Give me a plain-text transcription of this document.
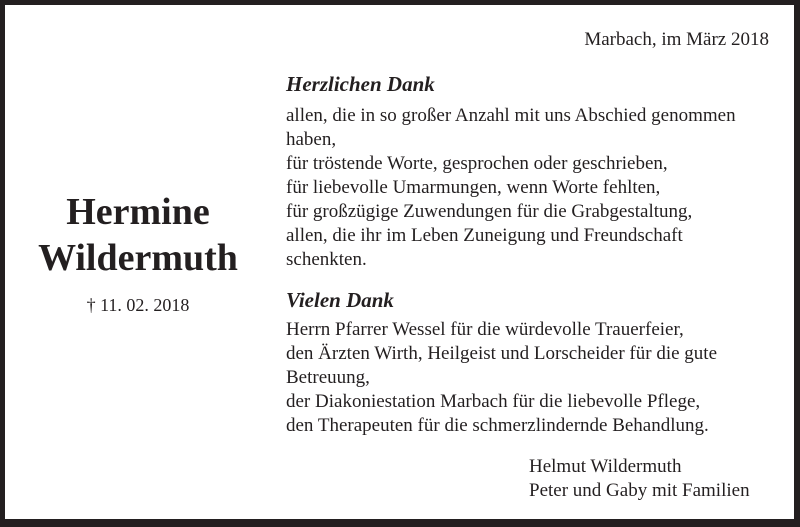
Marbach, im März 2018
Hermine
Wildermuth
† 11. 02. 2018
Herzlichen Dank
allen, die in so großer Anzahl mit uns Abschied genommen
haben,
für tröstende Worte, gesprochen oder geschrieben,
für liebevolle Umarmungen, wenn Worte fehlten,
für großzügige Zuwendungen für die Grabgestaltung,
allen, die ihr im Leben Zuneigung und Freundschaft
schenkten.
Vielen Dank
Herrn Pfarrer Wessel für die würdevolle Trauerfeier,
den Ärzten Wirth, Heilgeist und Lorscheider für die gute
Betreuung,
der Diakoniestation Marbach für die liebevolle Pflege,
den Therapeuten für die schmerzlindernde Behandlung.
Helmut Wildermuth
Peter und Gaby mit Familien
